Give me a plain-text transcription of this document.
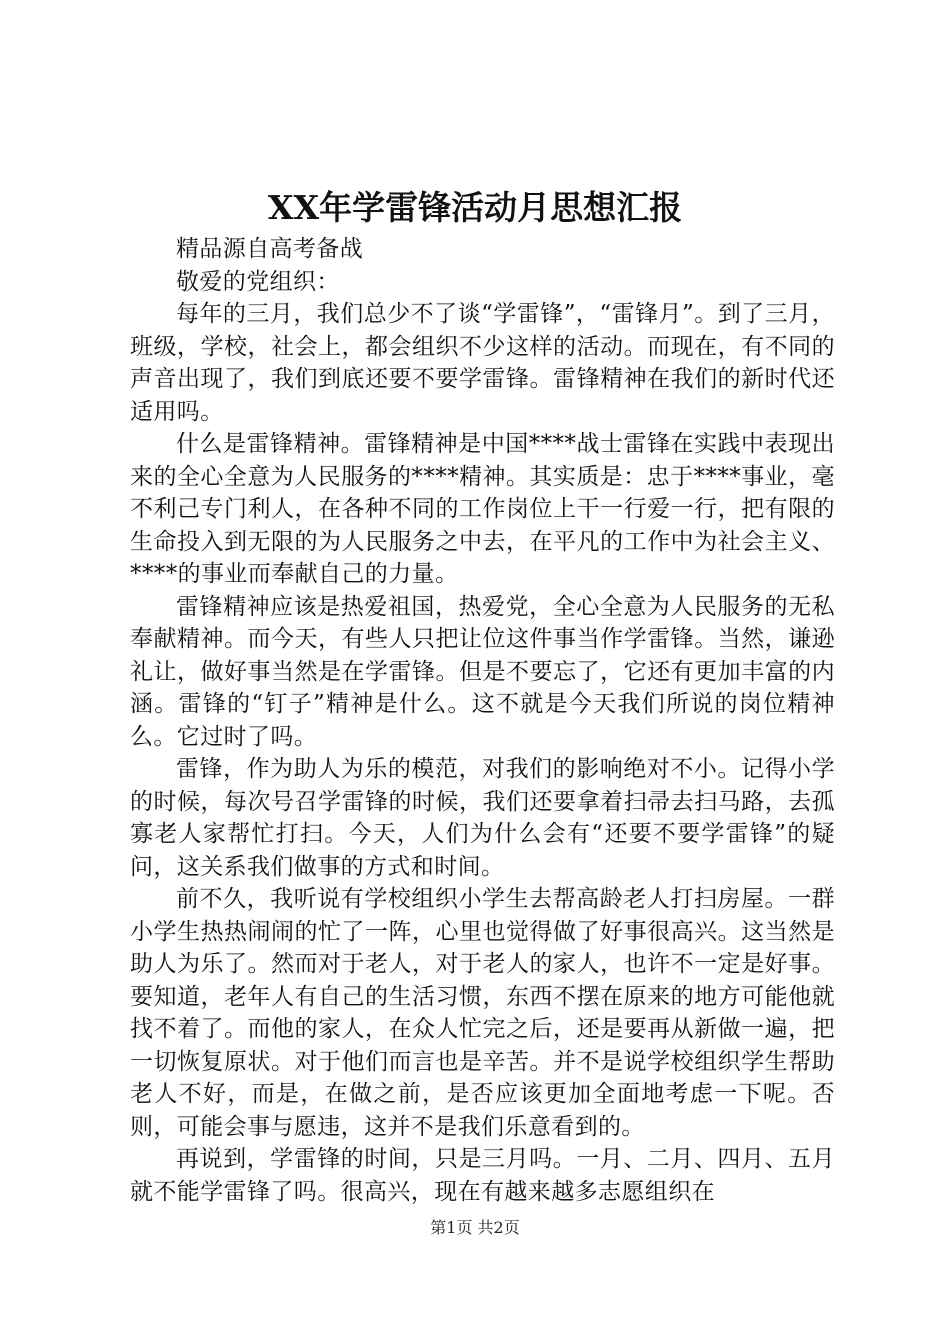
XX年学雷锋活动月思想汇报

精品源自高考备战

敬爱的党组织：

每年的三月，我们总少不了谈“学雷锋”，“雷锋月”。到了三月，班级，学校，社会上，都会组织不少这样的活动。而现在，有不同的声音出现了，我们到底还要不要学雷锋。雷锋精神在我们的新时代还适用吗。

什么是雷锋精神。雷锋精神是中国****战士雷锋在实践中表现出来的全心全意为人民服务的****精神。其实质是：忠于****事业，毫不利己专门利人，在各种不同的工作岗位上干一行爱一行，把有限的生命投入到无限的为人民服务之中去，在平凡的工作中为社会主义、****的事业而奉献自己的力量。

雷锋精神应该是热爱祖国，热爱党，全心全意为人民服务的无私奉献精神。而今天，有些人只把让位这件事当作学雷锋。当然，谦逊礼让，做好事当然是在学雷锋。但是不要忘了，它还有更加丰富的内涵。雷锋的“钉子”精神是什么。这不就是今天我们所说的岗位精神么。它过时了吗。

雷锋，作为助人为乐的模范，对我们的影响绝对不小。记得小学的时候，每次号召学雷锋的时候，我们还要拿着扫帚去扫马路，去孤寡老人家帮忙打扫。今天，人们为什么会有“还要不要学雷锋”的疑问，这关系我们做事的方式和时间。

前不久，我听说有学校组织小学生去帮高龄老人打扫房屋。一群小学生热热闹闹的忙了一阵，心里也觉得做了好事很高兴。这当然是助人为乐了。然而对于老人，对于老人的家人，也许不一定是好事。要知道，老年人有自己的生活习惯，东西不摆在原来的地方可能他就找不着了。而他的家人，在众人忙完之后，还是要再从新做一遍，把一切恢复原状。对于他们而言也是辛苦。并不是说学校组织学生帮助老人不好，而是，在做之前，是否应该更加全面地考虑一下呢。否则，可能会事与愿违，这并不是我们乐意看到的。

再说到，学雷锋的时间，只是三月吗。一月、二月、四月、五月就不能学雷锋了吗。很高兴，现在有越来越多志愿组织在

第1页 共2页
